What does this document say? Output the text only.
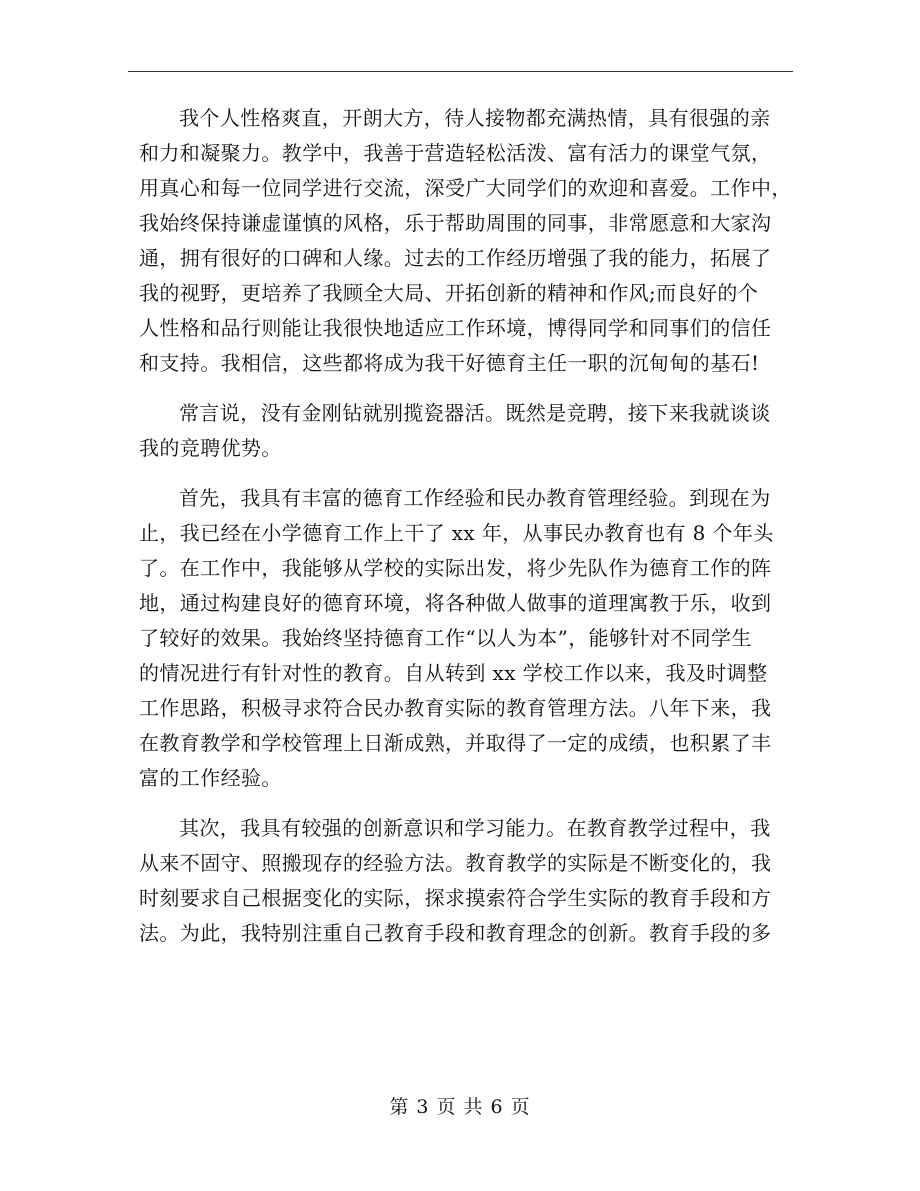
我个人性格爽直，开朗大方，待人接物都充满热情，具有很强的亲
和力和凝聚力。教学中，我善于营造轻松活泼、富有活力的课堂气氛，
用真心和每一位同学进行交流，深受广大同学们的欢迎和喜爱。工作中，
我始终保持谦虚谨慎的风格，乐于帮助周围的同事，非常愿意和大家沟
通，拥有很好的口碑和人缘。过去的工作经历增强了我的能力，拓展了
我的视野，更培养了我顾全大局、开拓创新的精神和作风;而良好的个
人性格和品行则能让我很快地适应工作环境，博得同学和同事们的信任
和支持。我相信，这些都将成为我干好德育主任一职的沉甸甸的基石!
常言说，没有金刚钻就别揽瓷器活。既然是竞聘，接下来我就谈谈
我的竞聘优势。
首先，我具有丰富的德育工作经验和民办教育管理经验。到现在为
止，我已经在小学德育工作上干了 xx 年，从事民办教育也有 8 个年头
了。在工作中，我能够从学校的实际出发，将少先队作为德育工作的阵
地，通过构建良好的德育环境，将各种做人做事的道理寓教于乐，收到
了较好的效果。我始终坚持德育工作“以人为本”，能够针对不同学生
的情况进行有针对性的教育。自从转到 xx 学校工作以来，我及时调整
工作思路，积极寻求符合民办教育实际的教育管理方法。八年下来，我
在教育教学和学校管理上日渐成熟，并取得了一定的成绩，也积累了丰
富的工作经验。
其次，我具有较强的创新意识和学习能力。在教育教学过程中，我
从来不固守、照搬现存的经验方法。教育教学的实际是不断变化的，我
时刻要求自己根据变化的实际，探求摸索符合学生实际的教育手段和方
法。为此，我特别注重自己教育手段和教育理念的创新。教育手段的多
第 3 页 共 6 页
